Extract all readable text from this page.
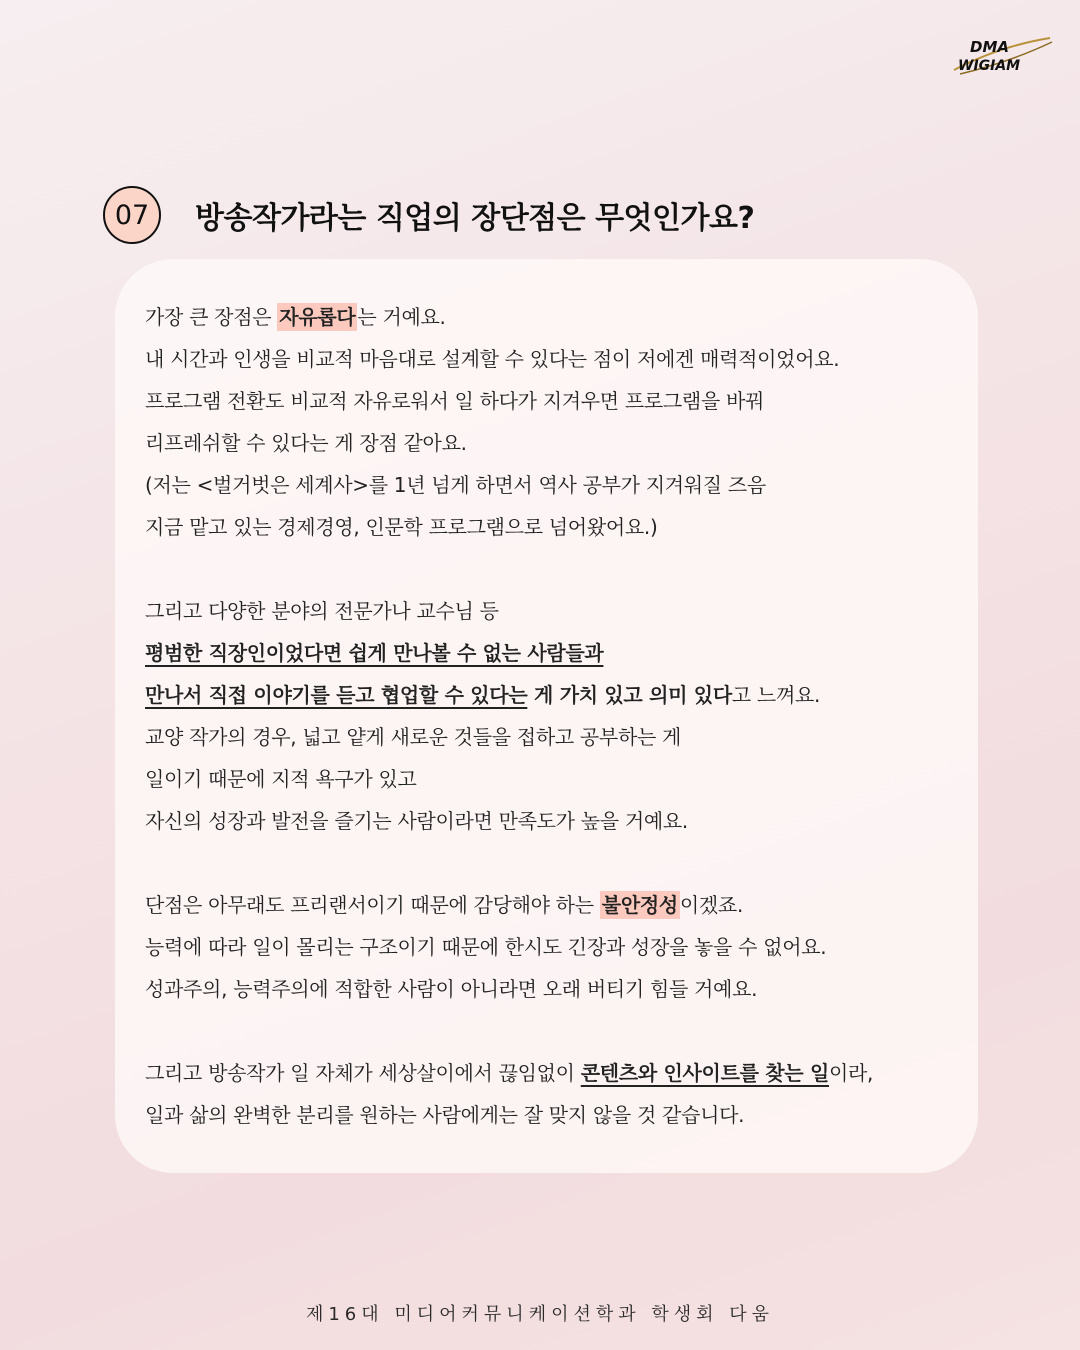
DMA
WIGIAM
07	방송작가라는 직업의 장단점은 무엇인가요?
가장 큰 장점은 자유롭다 는 거예요.
내 시간과 인생을 비교적 마음대로 설계할 수 있다는 점이 저에겐 매력적이었어요.
프로그램 전환도 비교적 자유로워서 일 하다가 지겨우면 프로그램을 바꿔
리프레쉬할 수 있다는 게 장점 같아요.
(저는 <벌거벗은 세계사>를 1년 넘게 하면서 역사 공부가 지겨워질 즈음
지금 맡고 있는 경제경영, 인문학 프로그램으로 넘어왔어요.)
그리고 다양한 분야의 전문가나 교수님 등
평범한 직장인이었다면 쉽게 만나볼 수 없는 사람들과
만나서 직접 이야기를 듣고 협업할 수 있다는 게 가치 있고 의미 있다고 느껴요.
교양 작가의 경우, 넓고 얕게 새로운 것들을 접하고 공부하는 게
일이기 때문에 지적 욕구가 있고
자신의 성장과 발전을 즐기는 사람이라면 만족도가 높을 거예요.
단점은 아무래도 프리랜서이기 때문에 감당해야 하는 불안정성 이겠죠.
능력에 따라 일이 몰리는 구조이기 때문에 한시도 긴장과 성장을 놓을 수 없어요.
성과주의, 능력주의에 적합한 사람이 아니라면 오래 버티기 힘들 거예요.
그리고 방송작가 일 자체가 세상살이에서 끊임없이 콘텐츠와 인사이트를 찾는 일이라,
일과 삶의 완벽한 분리를 원하는 사람에게는 잘 맞지 않을 것 같습니다.
제16대 미디어커뮤니케이션학과 학생회 다움
